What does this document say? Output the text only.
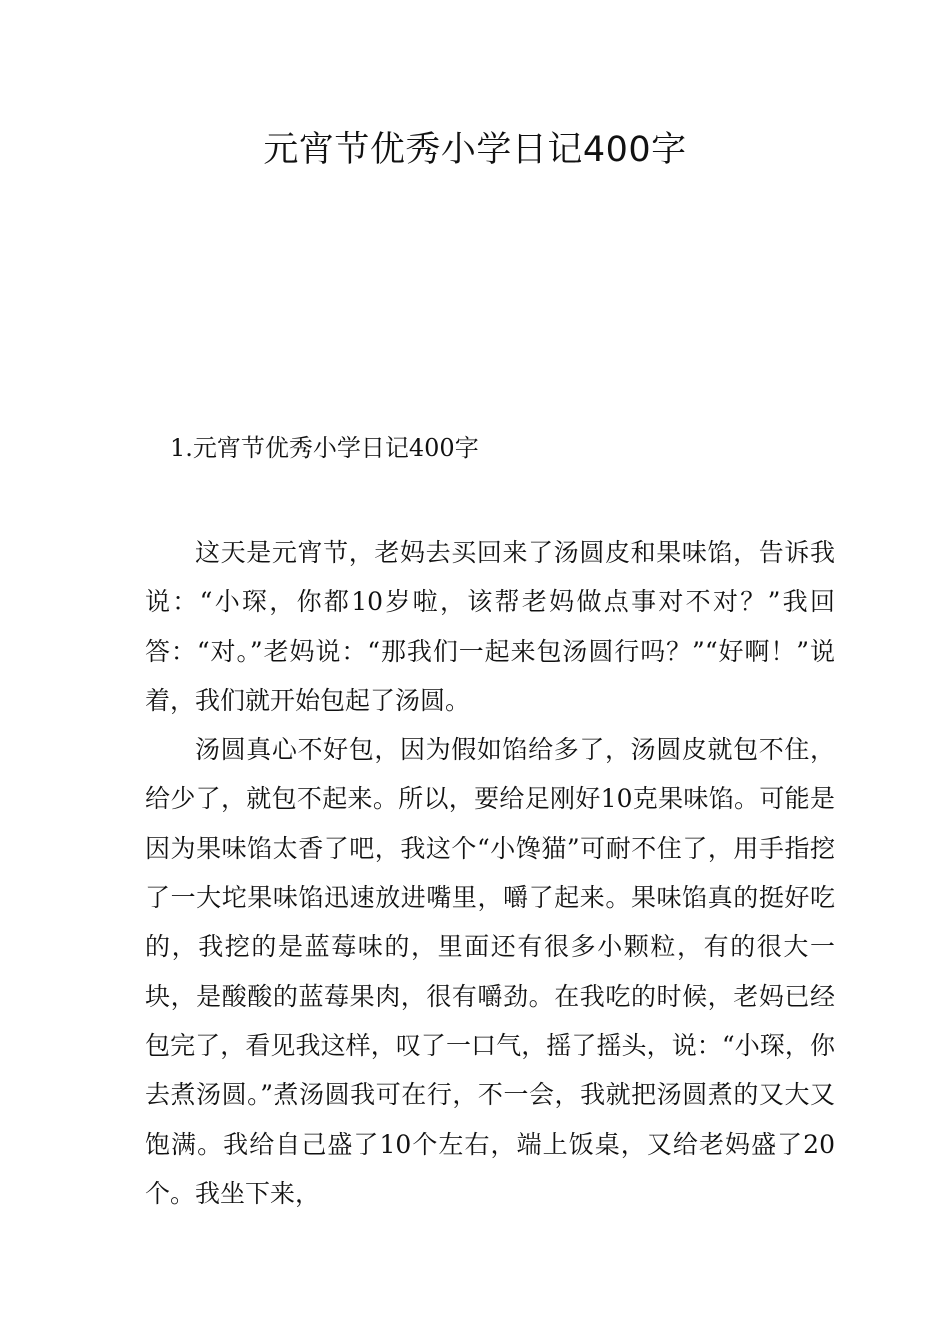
元宵节优秀小学日记400字
1.元宵节优秀小学日记400字

这天是元宵节，老妈去买回来了汤圆皮和果味馅，告诉我说：“小琛，你都10岁啦，该帮老妈做点事对不对？”我回答：“对。”老妈说：“那我们一起来包汤圆行吗？”“好啊！”说着，我们就开始包起了汤圆。

汤圆真心不好包，因为假如馅给多了，汤圆皮就包不住，给少了，就包不起来。所以，要给足刚好10克果味馅。可能是因为果味馅太香了吧，我这个“小馋猫”可耐不住了，用手指挖了一大坨果味馅迅速放进嘴里，嚼了起来。果味馅真的挺好吃的，我挖的是蓝莓味的，里面还有很多小颗粒，有的很大一块，是酸酸的蓝莓果肉，很有嚼劲。在我吃的时候，老妈已经包完了，看见我这样，叹了一口气，摇了摇头，说：“小琛，你去煮汤圆。”煮汤圆我可在行，不一会，我就把汤圆煮的又大又饱满。我给自己盛了10个左右，端上饭桌，又给老妈盛了20个。我坐下来，
